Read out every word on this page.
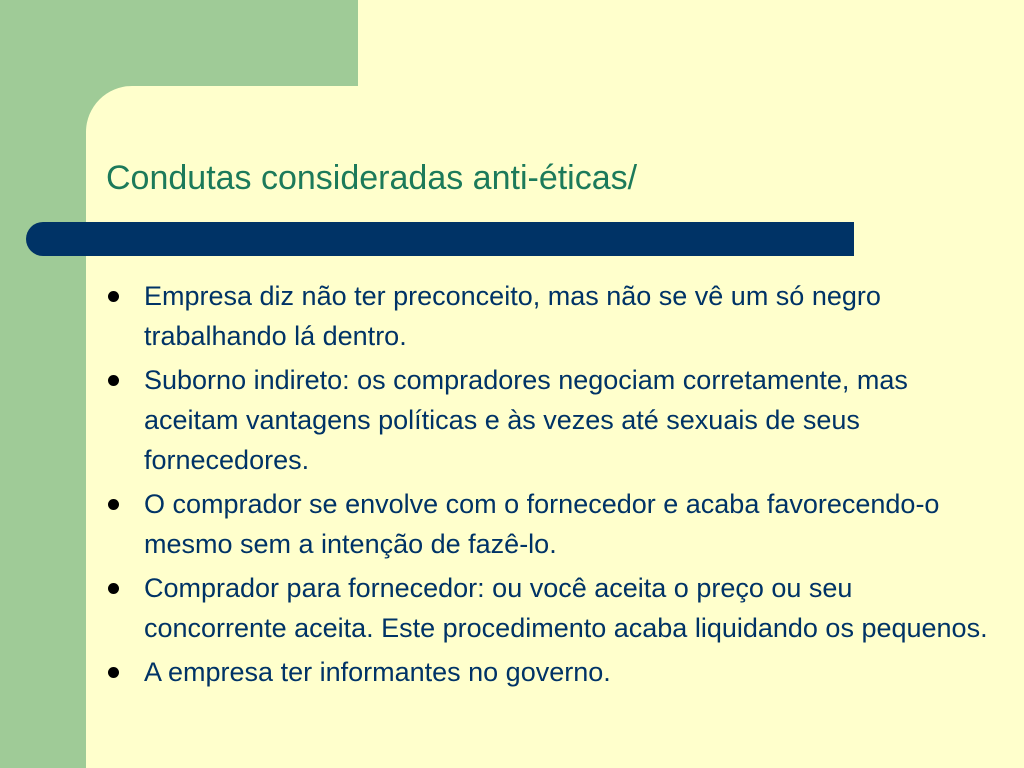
Condutas consideradas anti-éticas/
Empresa diz não ter preconceito, mas não se vê um só negro trabalhando lá dentro.
Suborno indireto: os compradores negociam corretamente, mas aceitam vantagens políticas e às vezes até sexuais de seus fornecedores.
O comprador se envolve com o fornecedor e acaba favorecendo-o mesmo sem a intenção de fazê-lo.
Comprador para fornecedor: ou você aceita o preço ou seu concorrente aceita. Este procedimento acaba liquidando os pequenos.
A empresa ter informantes no governo.
